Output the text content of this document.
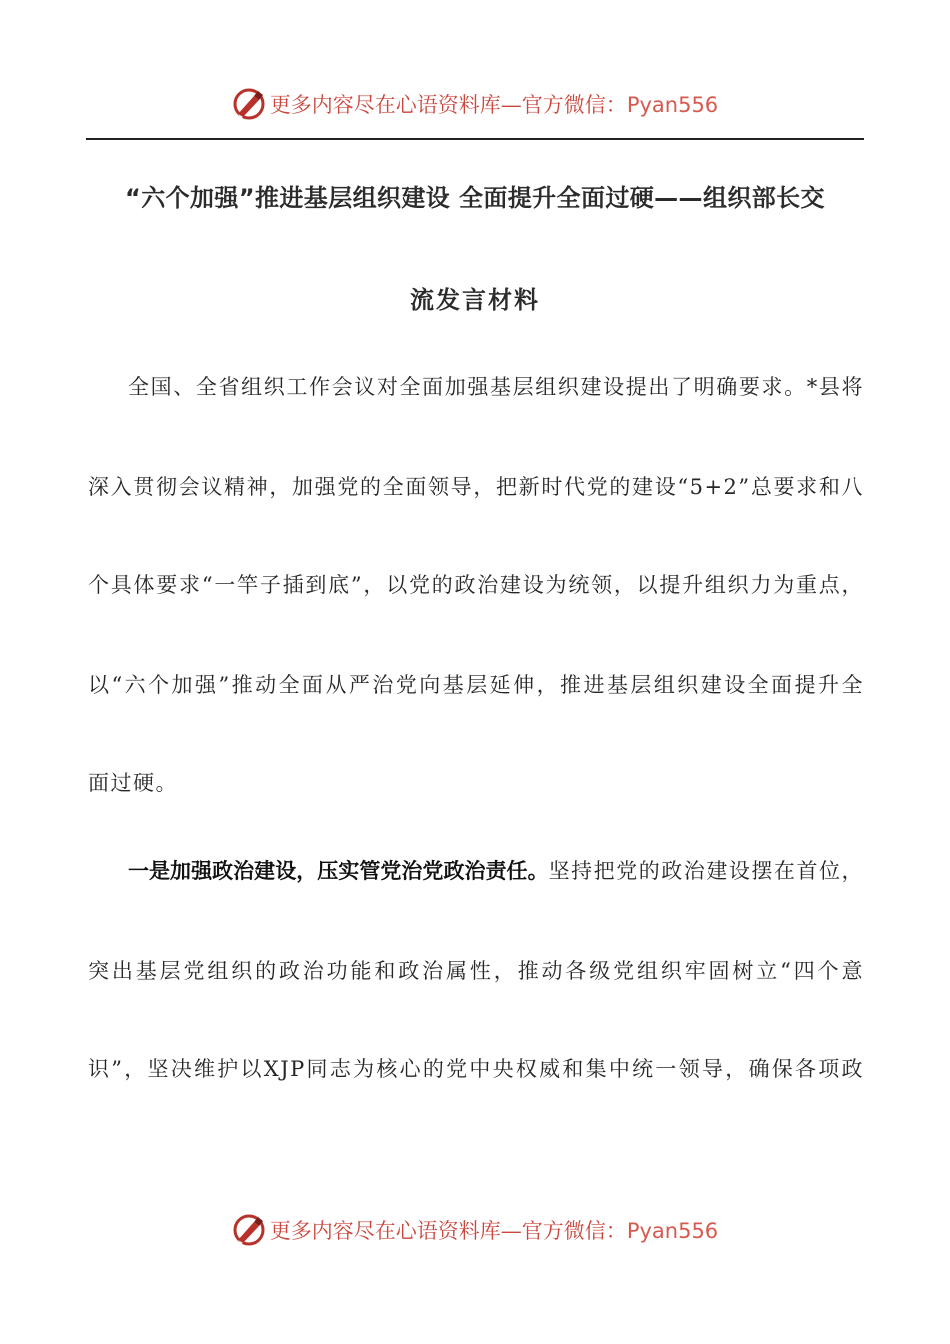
更多内容尽在心语资料库—官方微信：Pyan556
“六个加强”推进基层组织建设 全面提升全面过硬——组织部长交
流发言材料
全国、全省组织工作会议对全面加强基层组织建设提出了明确要求。*县将
深入贯彻会议精神，加强党的全面领导，把新时代党的建设“5+2”总要求和八
个具体要求“一竿子插到底”，以党的政治建设为统领，以提升组织力为重点，
以“六个加强”推动全面从严治党向基层延伸，推进基层组织建设全面提升全
面过硬。
一是加强政治建设，压实管党治党政治责任。坚持把党的政治建设摆在首位，
突出基层党组织的政治功能和政治属性，推动各级党组织牢固树立“四个意
识”，坚决维护以XJP同志为核心的党中央权威和集中统一领导，确保各项政
更多内容尽在心语资料库—官方微信：Pyan556
